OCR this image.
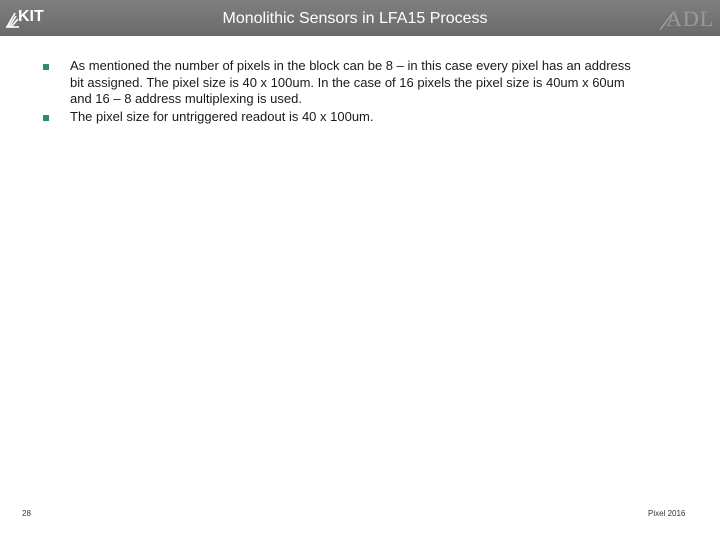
KIT	Monolithic Sensors in LFA15 Process	ADL
As mentioned the number of pixels in the block can be 8 – in this case every pixel has an address
bit assigned. The pixel size is 40 x 100um. In the case of 16 pixels the pixel size is 40um x 60um
and 16 – 8 address multiplexing is used.
The pixel size for untriggered readout is 40 x 100um.
28	Pixel 2016
